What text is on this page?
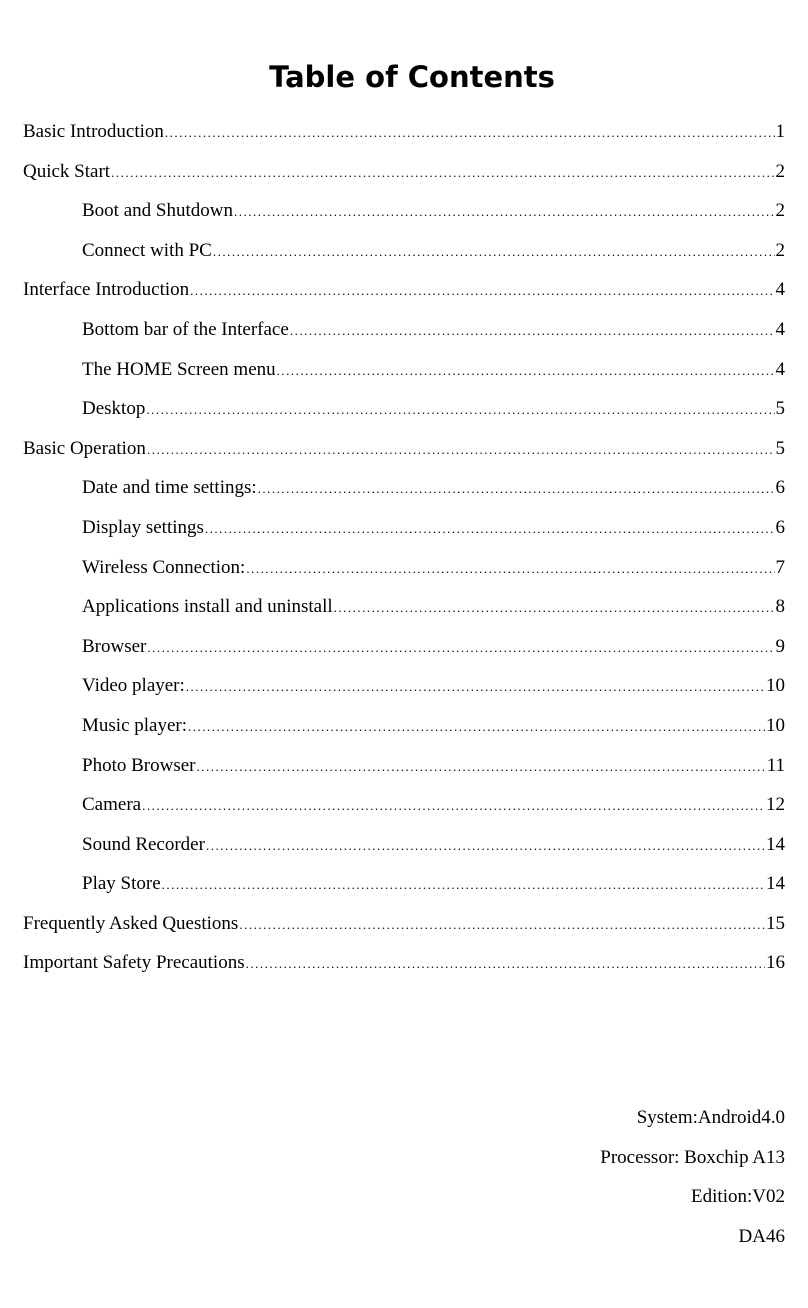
Table of Contents
Basic Introduction .....	1
Quick Start .....	2
Boot and Shutdown .....	2
Connect with PC .....	2
Interface Introduction .....	4
Bottom bar of the Interface .....	4
The HOME Screen menu .....	4
Desktop .....	5
Basic Operation .....	5
Date and time settings: .....	6
Display settings .....	6
Wireless Connection: .....	7
Applications install and uninstall .....	8
Browser .....	9
Video player: .....	10
Music player: .....	10
Photo Browser .....	11
Camera .....	12
Sound Recorder .....	14
Play Store .....	14
Frequently Asked Questions .....	15
Important Safety Precautions .....	16
System:Android4.0
Processor: Boxchip A13
Edition:V02
DA46
